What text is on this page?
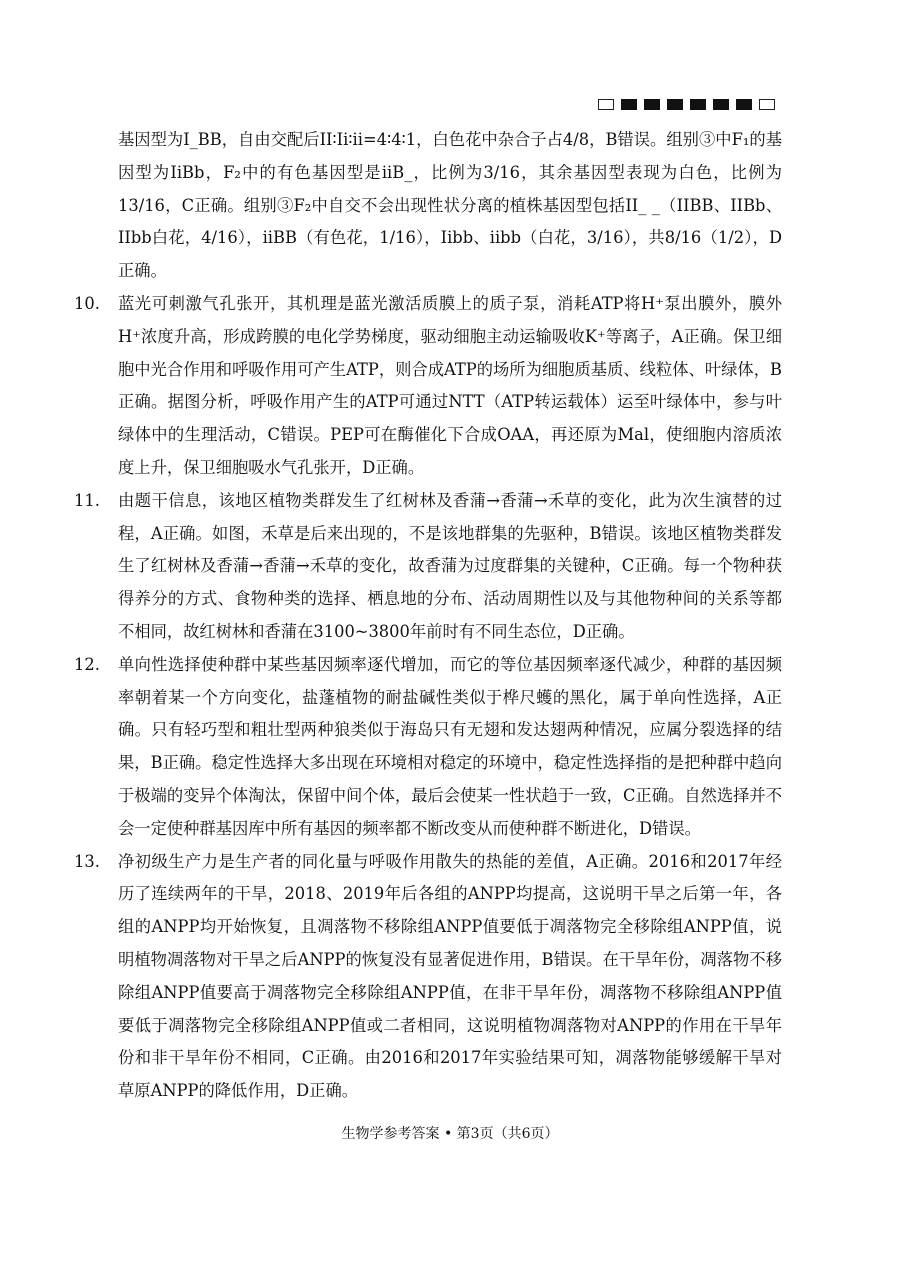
基因型为I_BB，自由交配后II∶Ii∶ii=4∶4∶1，白色花中杂合子占4/8，B错误。组别③中F₁的基因型为IiBb，F₂中的有色基因型是iiB_，比例为3/16，其余基因型表现为白色，比例为13/16，C正确。组别③F₂中自交不会出现性状分离的植株基因型包括II_ _（IIBB、IIBb、IIbb白花，4/16），iiBB（有色花，1/16），Iibb、iibb（白花，3/16），共8/16（1/2），D正确。

10. 蓝光可刺激气孔张开，其机理是蓝光激活质膜上的质子泵，消耗ATP将H⁺泵出膜外，膜外H⁺浓度升高，形成跨膜的电化学势梯度，驱动细胞主动运输吸收K⁺等离子，A正确。保卫细胞中光合作用和呼吸作用可产生ATP，则合成ATP的场所为细胞质基质、线粒体、叶绿体，B正确。据图分析，呼吸作用产生的ATP可通过NTT（ATP转运载体）运至叶绿体中，参与叶绿体中的生理活动，C错误。PEP可在酶催化下合成OAA，再还原为Mal，使细胞内溶质浓度上升，保卫细胞吸水气孔张开，D正确。

11. 由题干信息，该地区植物类群发生了红树林及香蒲→香蒲→禾草的变化，此为次生演替的过程，A正确。如图，禾草是后来出现的，不是该地群集的先驱种，B错误。该地区植物类群发生了红树林及香蒲→香蒲→禾草的变化，故香蒲为过度群集的关键种，C正确。每一个物种获得养分的方式、食物种类的选择、栖息地的分布、活动周期性以及与其他物种间的关系等都不相同，故红树林和香蒲在3100~3800年前时有不同生态位，D正确。

12. 单向性选择使种群中某些基因频率逐代增加，而它的等位基因频率逐代减少，种群的基因频率朝着某一个方向变化，盐蓬植物的耐盐碱性类似于桦尺蠖的黑化，属于单向性选择，A正确。只有轻巧型和粗壮型两种狼类似于海岛只有无翅和发达翅两种情况，应属分裂选择的结果，B正确。稳定性选择大多出现在环境相对稳定的环境中，稳定性选择指的是把种群中趋向于极端的变异个体淘汰，保留中间个体，最后会使某一性状趋于一致，C正确。自然选择并不会一定使种群基因库中所有基因的频率都不断改变从而使种群不断进化，D错误。

13. 净初级生产力是生产者的同化量与呼吸作用散失的热能的差值，A正确。2016和2017年经历了连续两年的干旱，2018、2019年后各组的ANPP均提高，这说明干旱之后第一年，各组的ANPP均开始恢复，且凋落物不移除组ANPP值要低于凋落物完全移除组ANPP值，说明植物凋落物对干旱之后ANPP的恢复没有显著促进作用，B错误。在干旱年份，凋落物不移除组ANPP值要高于凋落物完全移除组ANPP值，在非干旱年份，凋落物不移除组ANPP值要低于凋落物完全移除组ANPP值或二者相同，这说明植物凋落物对ANPP的作用在干旱年份和非干旱年份不相同，C正确。由2016和2017年实验结果可知，凋落物能够缓解干旱对草原ANPP的降低作用，D正确。

生物学参考答案 • 第3页（共6页）
